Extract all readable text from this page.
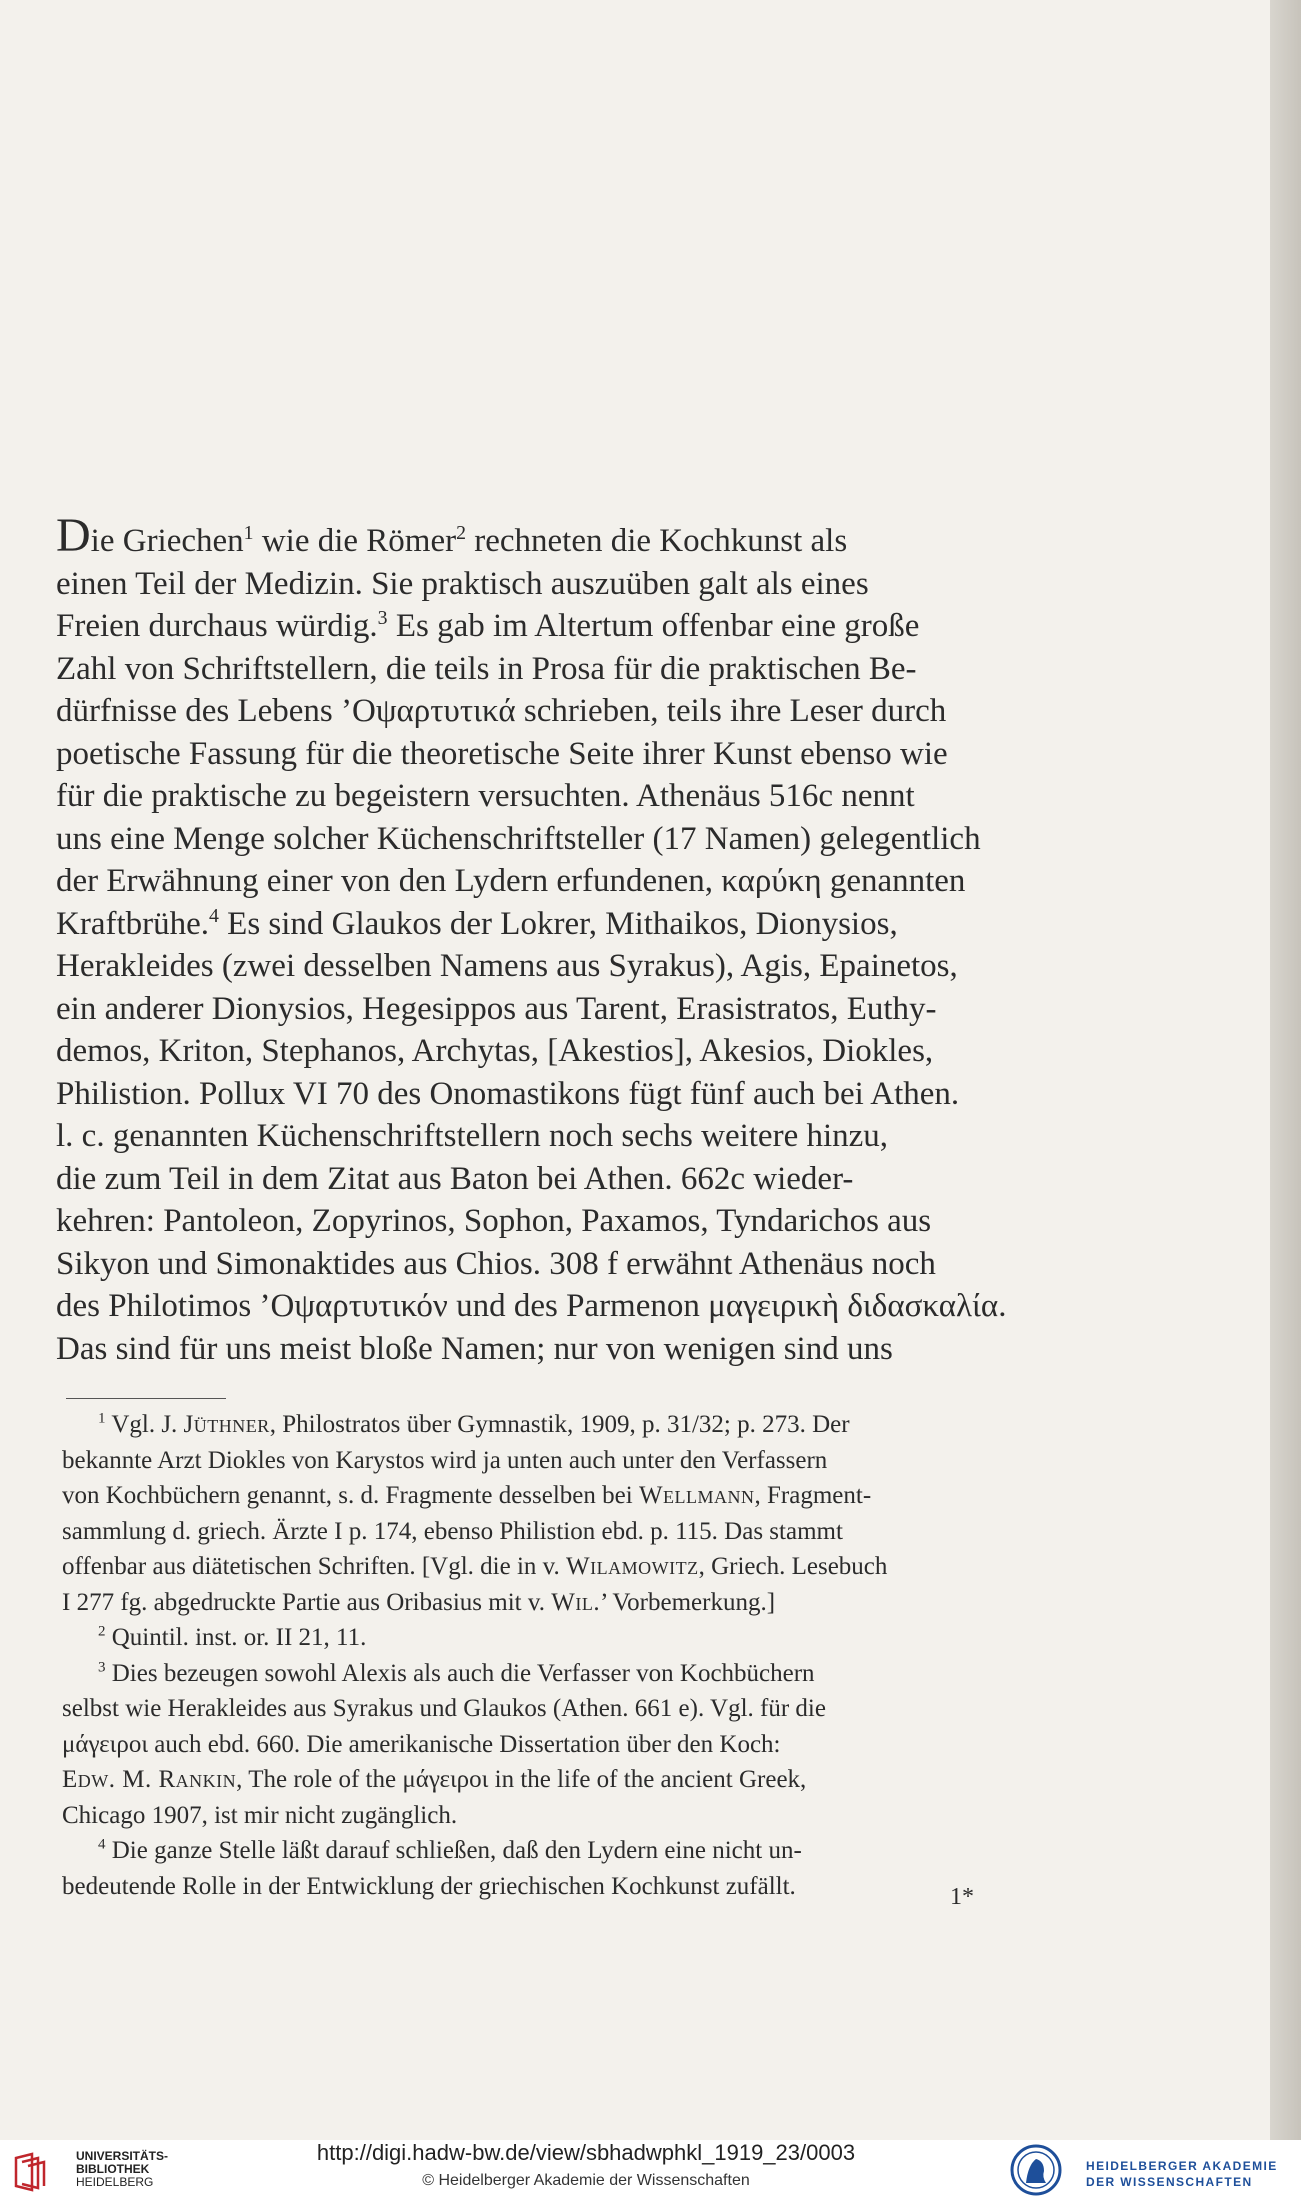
Die Griechen$^1$ wie die Römer$^2$ rechneten die Kochkunst als
einen Teil der Medizin. Sie praktisch auszuüben galt als eines
Freien durchaus würdig.$^3$ Es gab im Altertum offenbar eine große
Zahl von Schriftstellern, die teils in Prosa für die praktischen Be-
dürfnisse des Lebens ’Οψαρτυτικά schrieben, teils ihre Leser durch
poetische Fassung für die theoretische Seite ihrer Kunst ebenso wie
für die praktische zu begeistern versuchten. Athenäus 516c nennt
uns eine Menge solcher Küchenschriftsteller (17 Namen) gelegentlich
der Erwähnung einer von den Lydern erfundenen, καρύκη genannten
Kraftbrühe.$^4$ Es sind Glaukos der Lokrer, Mithaikos, Dionysios,
Herakleides (zwei desselben Namens aus Syrakus), Agis, Epainetos,
ein anderer Dionysios, Hegesippos aus Tarent, Erasistratos, Euthy-
demos, Kriton, Stephanos, Archytas, [Akestios], Akesios, Diokles,
Philistion. Pollux VI 70 des Onomastikons fügt fünf auch bei Athen.
l. c. genannten Küchenschriftstellern noch sechs weitere hinzu,
die zum Teil in dem Zitat aus Baton bei Athen. 662c wieder-
kehren: Pantoleon, Zopyrinos, Sophon, Paxamos, Tyndarichos aus
Sikyon und Simonaktides aus Chios. 308 f erwähnt Athenäus noch
des Philotimos ’Οψαρτυτικόν und des Parmenon μαγειρικὴ διδασκαλία.
Das sind für uns meist bloße Namen; nur von wenigen sind uns
$^1$ Vgl. J. Jüthner, Philostratos über Gymnastik, 1909, p. 31/32; p. 273. Der
bekannte Arzt Diokles von Karystos wird ja unten auch unter den Verfassern
von Kochbüchern genannt, s. d. Fragmente desselben bei Wellmann, Fragment-
sammlung d. griech. Ärzte I p. 174, ebenso Philistion ebd. p. 115. Das stammt
offenbar aus diätetischen Schriften. [Vgl. die in v. Wilamowitz, Griech. Lesebuch
I 277 fg. abgedruckte Partie aus Oribasius mit v. Wil.’ Vorbemerkung.]
$^2$ Quintil. inst. or. II 21, 11.
$^3$ Dies bezeugen sowohl Alexis als auch die Verfasser von Kochbüchern
selbst wie Herakleides aus Syrakus und Glaukos (Athen. 661 e). Vgl. für die
μάγειροι auch ebd. 660. Die amerikanische Dissertation über den Koch:
Edw. M. Rankin, The role of the μάγειροι in the life of the ancient Greek,
Chicago 1907, ist mir nicht zugänglich.
$^4$ Die ganze Stelle läßt darauf schließen, daß den Lydern eine nicht un-
bedeutende Rolle in der Entwicklung der griechischen Kochkunst zufällt.	1*
UNIVERSITÄTS-
BIBLIOTHEK
HEIDELBERG
http://digi.hadw-bw.de/view/sbhadwphkl_1919_23/0003
© Heidelberger Akademie der Wissenschaften
HEIDELBERGER AKADEMIE
DER WISSENSCHAFTEN
